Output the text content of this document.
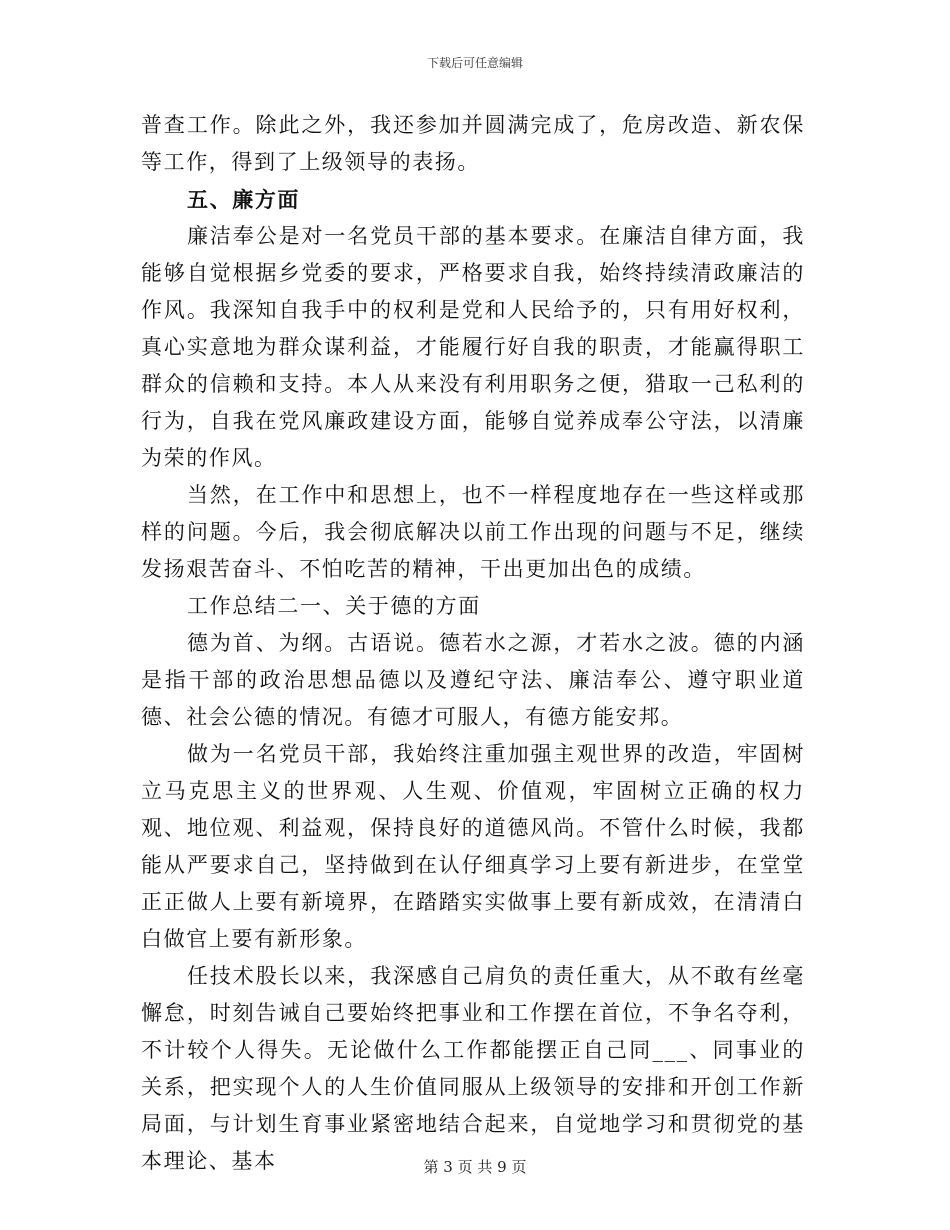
下载后可任意编辑

普查工作。除此之外，我还参加并圆满完成了，危房改造、新农保等工作，得到了上级领导的表扬。

五、廉方面

廉洁奉公是对一名党员干部的基本要求。在廉洁自律方面，我能够自觉根据乡党委的要求，严格要求自我，始终持续清政廉洁的作风。我深知自我手中的权利是党和人民给予的，只有用好权利，真心实意地为群众谋利益，才能履行好自我的职责，才能赢得职工群众的信赖和支持。本人从来没有利用职务之便，猎取一己私利的行为，自我在党风廉政建设方面，能够自觉养成奉公守法，以清廉为荣的作风。

当然，在工作中和思想上，也不一样程度地存在一些这样或那样的问题。今后，我会彻底解决以前工作出现的问题与不足，继续发扬艰苦奋斗、不怕吃苦的精神，干出更加出色的成绩。

工作总结二一、关于德的方面

德为首、为纲。古语说。德若水之源，才若水之波。德的内涵是指干部的政治思想品德以及遵纪守法、廉洁奉公、遵守职业道德、社会公德的情况。有德才可服人，有德方能安邦。

做为一名党员干部，我始终注重加强主观世界的改造，牢固树立马克思主义的世界观、人生观、价值观，牢固树立正确的权力观、地位观、利益观，保持良好的道德风尚。不管什么时候，我都能从严要求自己，坚持做到在认仔细真学习上要有新进步，在堂堂正正做人上要有新境界，在踏踏实实做事上要有新成效，在清清白白做官上要有新形象。

任技术股长以来，我深感自己肩负的责任重大，从不敢有丝毫懈怠，时刻告诫自己要始终把事业和工作摆在首位，不争名夺利，不计较个人得失。无论做什么工作都能摆正自己同___、同事业的关系，把实现个人的人生价值同服从上级领导的安排和开创工作新局面，与计划生育事业紧密地结合起来，自觉地学习和贯彻党的基本理论、基本	第 3 页 共 9 页
